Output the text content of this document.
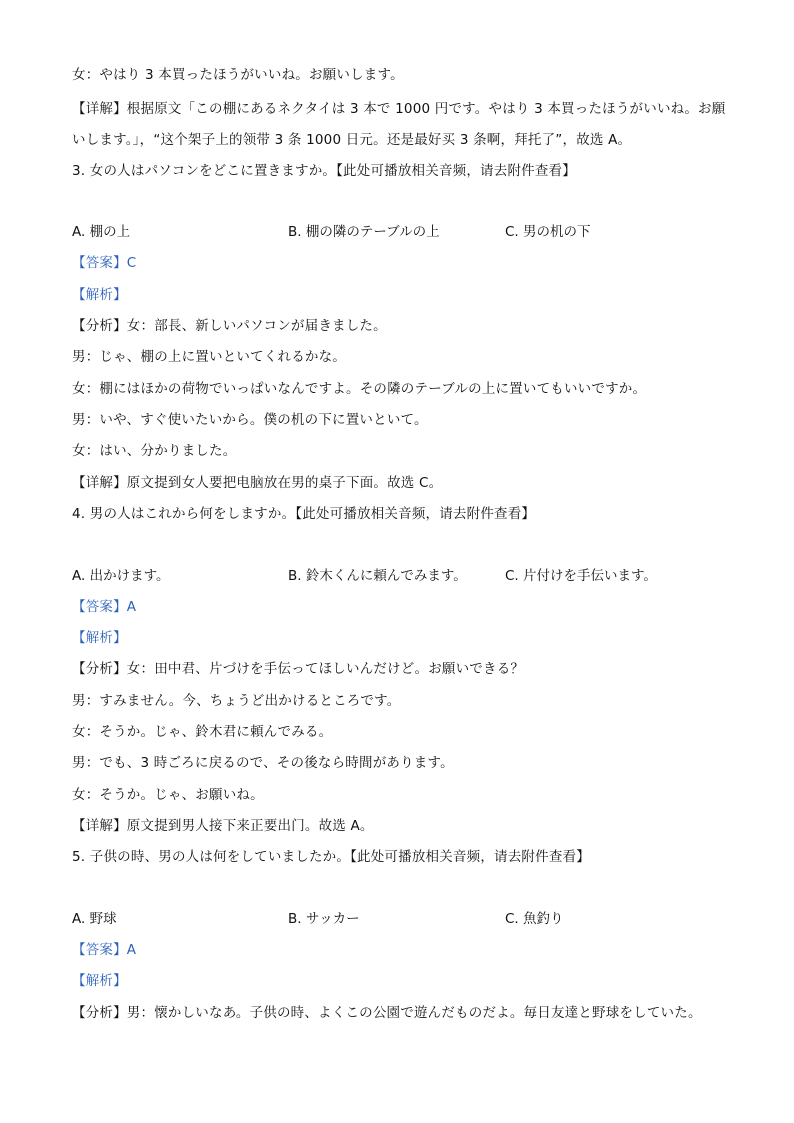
女：やはり 3 本買ったほうがいいね。お願いします。
【详解】根据原文「この棚にあるネクタイは 3 本で 1000 円です。やはり 3 本買ったほうがいいね。お願いします。」，“这个架子上的领带 3 条 1000 日元。还是最好买 3 条啊，拜托了”，故选 A。
3. 女の人はパソコンをどこに置きますか。【此处可播放相关音频，请去附件查看】
A. 棚の上	B. 棚の隣のテーブルの上	C. 男の机の下
【答案】C
【解析】
【分析】女：部長、新しいパソコンが届きました。
男：じゃ、棚の上に置いといてくれるかな。
女：棚にはほかの荷物でいっぱいなんですよ。その隣のテーブルの上に置いてもいいですか。
男：いや、すぐ使いたいから。僕の机の下に置いといて。
女：はい、分かりました。
【详解】原文提到女人要把电脑放在男的桌子下面。故选 C。
4. 男の人はこれから何をしますか。【此处可播放相关音频，请去附件查看】
A. 出かけます。	B. 鈴木くんに頼んでみます。	C. 片付けを手伝います。
【答案】A
【解析】
【分析】女：田中君、片づけを手伝ってほしいんだけど。お願いできる？
男：すみません。今、ちょうど出かけるところです。
女：そうか。じゃ、鈴木君に頼んでみる。
男：でも、3 時ごろに戻るので、その後なら時間があります。
女：そうか。じゃ、お願いね。
【详解】原文提到男人接下来正要出门。故选 A。
5. 子供の時、男の人は何をしていましたか。【此处可播放相关音频，请去附件查看】
A. 野球	B. サッカー	C. 魚釣り
【答案】A
【解析】
【分析】男：懐かしいなあ。子供の時、よくこの公園で遊んだものだよ。毎日友達と野球をしていた。
